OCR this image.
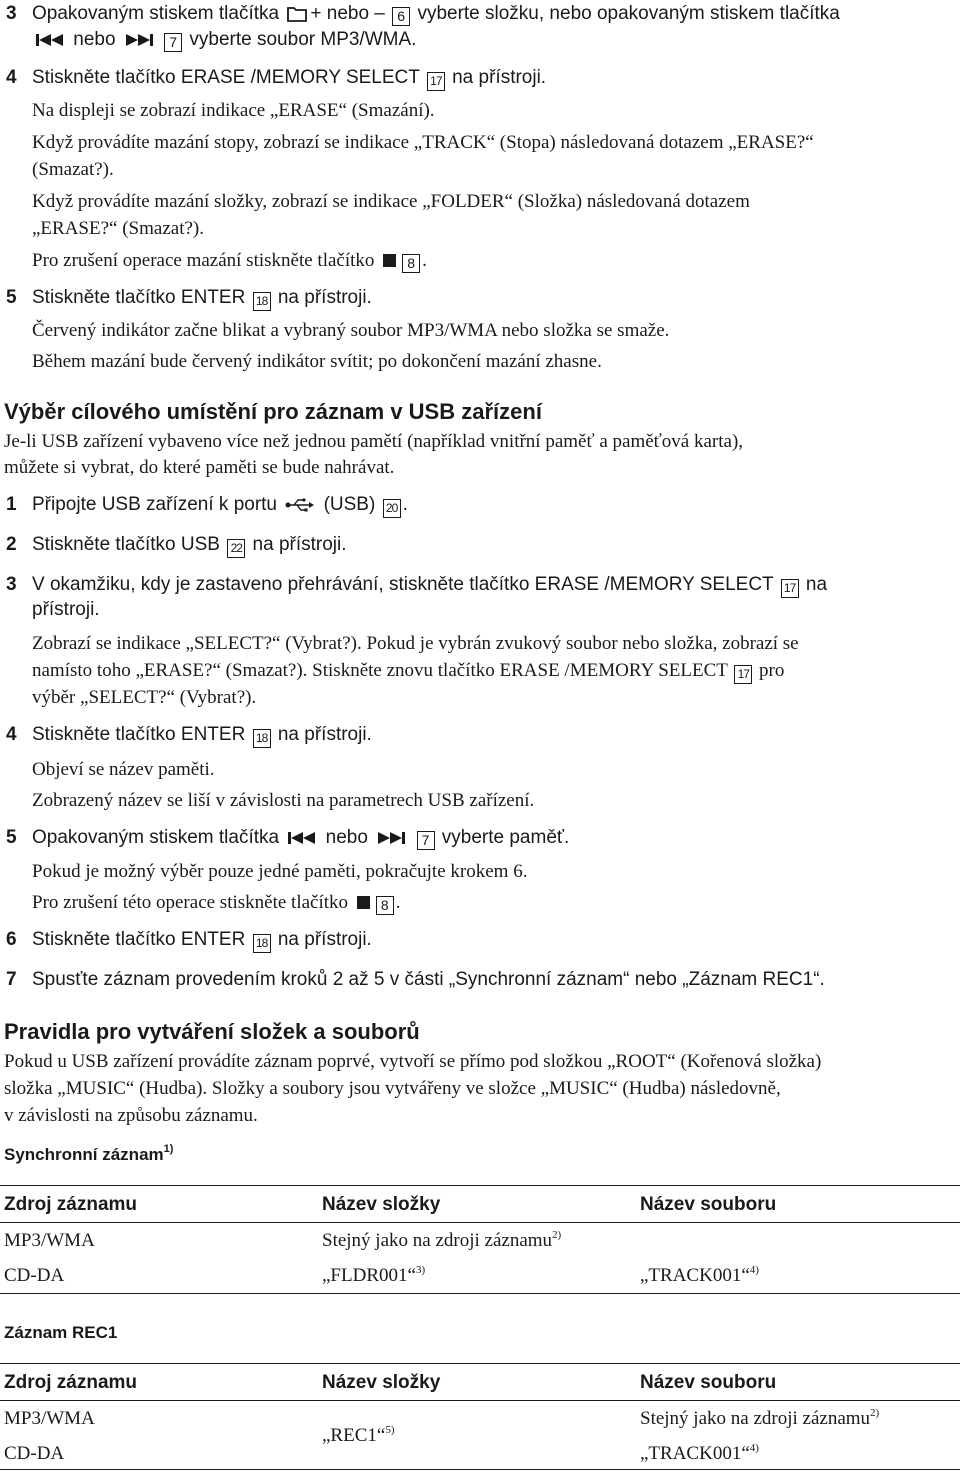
3 Opakovaným stiskem tlačítka + nebo – 6 vyberte složku, nebo opakovaným stiskem tlačítka
nebo	7 vyberte soubor MP3/WMA.
4 Stiskněte tlačítko ERASE /MEMORY SELECT 17 na přístroji.
Na displeji se zobrazí indikace „ERASE“ (Smazání).
Když provádíte mazání stopy, zobrazí se indikace „TRACK“ (Stopa) následovaná dotazem „ERASE?“
(Smazat?).
Když provádíte mazání složky, zobrazí se indikace „FOLDER“ (Složka) následovaná dotazem
„ERASE?“ (Smazat?).
Pro zrušení operace mazání stiskněte tlačítko 8 .
5 Stiskněte tlačítko ENTER 18 na přístroji.
Červený indikátor začne blikat a vybraný soubor MP3/WMA nebo složka se smaže.
Během mazání bude červený indikátor svítit; po dokončení mazání zhasne.
Výběr cílového umístění pro záznam v USB zařízení
Je-li USB zařízení vybaveno více než jednou pamětí (například vnitřní paměť a paměťová karta),
můžete si vybrat, do které paměti se bude nahrávat.
1 Připojte USB zařízení k portu (USB) 20 .
2 Stiskněte tlačítko USB 22 na přístroji.
3 V okamžiku, kdy je zastaveno přehrávání, stiskněte tlačítko ERASE /MEMORY SELECT 17 na
přístroji.
Zobrazí se indikace „SELECT?“ (Vybrat?). Pokud je vybrán zvukový soubor nebo složka, zobrazí se
namísto toho „ERASE?“ (Smazat?). Stiskněte znovu tlačítko ERASE /MEMORY SELECT 17 pro
výběr „SELECT?“ (Vybrat?).
4 Stiskněte tlačítko ENTER 18 na přístroji.
Objeví se název paměti.
Zobrazený název se liší v závislosti na parametrech USB zařízení.
5 Opakovaným stiskem tlačítka nebo	7 vyberte paměť.
Pokud je možný výběr pouze jedné paměti, pokračujte krokem 6.
Pro zrušení této operace stiskněte tlačítko 8 .
6 Stiskněte tlačítko ENTER 18 na přístroji.
7 Spusťte záznam provedením kroků 2 až 5 v části „Synchronní záznam“ nebo „Záznam REC1“.
Pravidla pro vytváření složek a souborů
Pokud u USB zařízení provádíte záznam poprvé, vytvoří se přímo pod složkou „ROOT“ (Kořenová složka)
složka „MUSIC“ (Hudba). Složky a soubory jsou vytvářeny ve složce „MUSIC“ (Hudba) následovně,
v závislosti na způsobu záznamu.
Synchronní záznam$^{1)}$
Zdroj záznamu	Název složky	Název souboru
MP3/WMA	Stejný jako na zdroji záznamu$^{2)}$	
CD-DA	„FLDR001“$^{3)}$	„TRACK001“$^{4)}$
Záznam REC1
Zdroj záznamu	Název složky	Název souboru
MP3/WMA	„REC1“$^{5)}$	Stejný jako na zdroji záznamu$^{2)}$
CD-DA		„TRACK001“$^{4)}$
